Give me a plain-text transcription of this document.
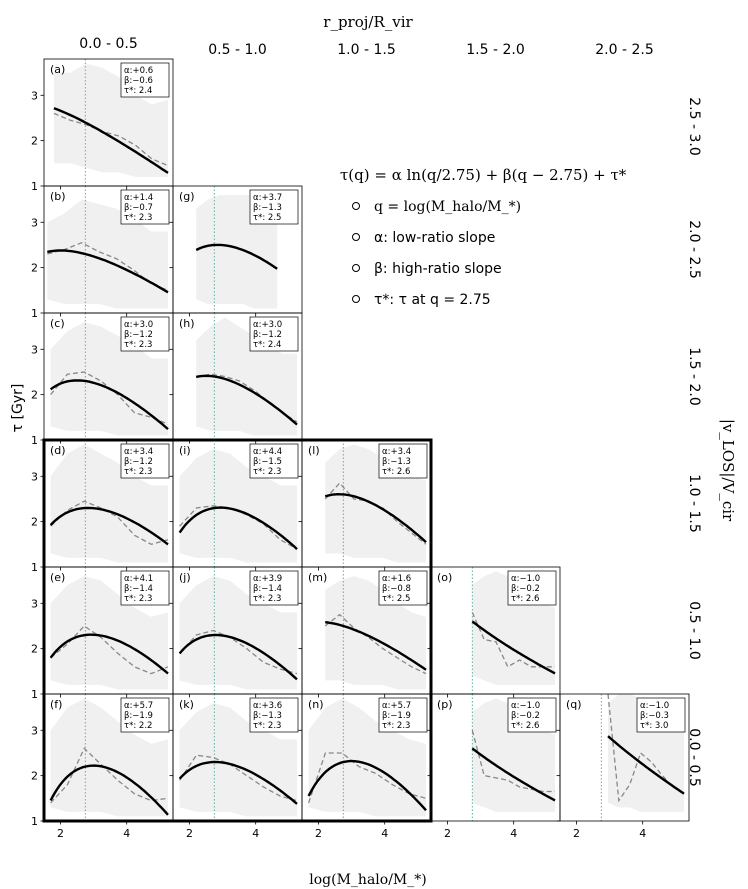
(a)	α:+0.6
β:−0.6
τ*: 2.4
(b)	α:+1.4
β:−0.7
τ*: 2.3
(g)	α:+3.7
β:−1.3
τ*: 2.5
(c)	α:+3.0
β:−1.2
τ*: 2.3
(h)	α:+3.0
β:−1.2
τ*: 2.4
(d)	α:+3.4
β:−1.2
τ*: 2.3
(i)	α:+4.4
β:−1.5
τ*: 2.3
(l)	α:+3.4
β:−1.3
τ*: 2.6
(e)	α:+4.1
β:−1.4
τ*: 2.3
(j)	α:+3.9
β:−1.4
τ*: 2.3
(m)	α:+1.6
β:−0.8
τ*: 2.5
(o)	α:−1.0
β:−0.2
τ*: 2.6
(f)	α:+5.7
β:−1.9
τ*: 2.2
(k)	α:+3.6
β:−1.3
τ*: 2.3
(n)	α:+5.7
β:−1.9
τ*: 2.3
(p)	α:−1.0
β:−0.2
τ*: 2.6
(q)	α:−1.0
β:−0.3
τ*: 3.0
1
2
3
1
2
3
1
2
3
1
2
3
1
2
3
1
2
3
2	4	2	4	2	4	2	4	2	4
0.0 - 0.5	0.5 - 1.0	1.0 - 1.5	1.5 - 2.0	2.0 - 2.5
2.5 - 3.0
2.0 - 2.5
1.5 - 2.0
1.0 - 1.5
0.5 - 1.0
0.0 - 0.5
r_proj/R_vir
log(M_halo/M_*)
τ [Gyr]
|v_LOS|/V_cir
τ(q) = α ln(q/2.75) + β(q − 2.75) + τ*
q = log(M_halo/M_*)
α: low-ratio slope
β: high-ratio slope
τ*: τ at q = 2.75
